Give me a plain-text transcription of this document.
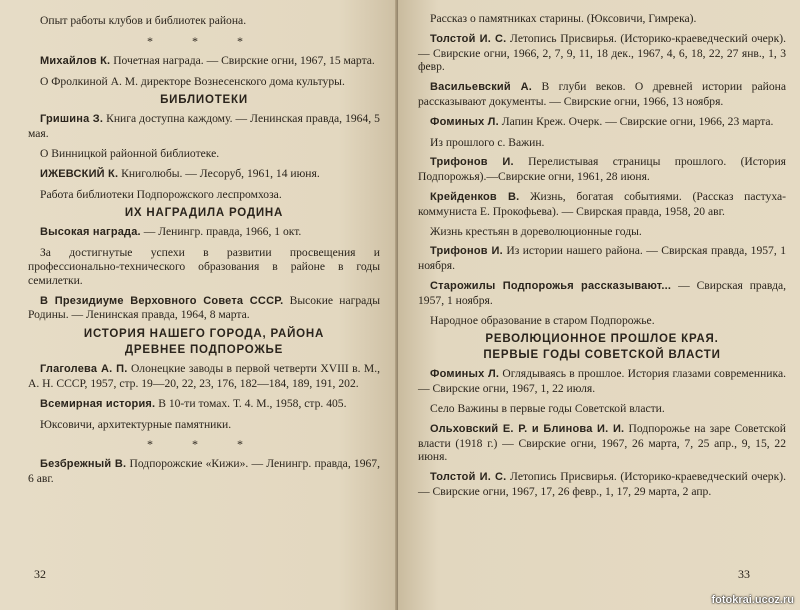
Опыт работы клубов и библиотек района.

* * *

Михайлов К. Почетная награда. — Свирские огни, 1967, 15 марта.

О Фролкиной А. М. директоре Вознесенского дома культуры.

БИБЛИОТЕКИ

Гришина З. Книга доступна каждому. — Ленинская правда, 1964, 5 мая.

О Винницкой районной библиотеке.

ИЖЕВСКИЙ К. Книголюбы. — Лесоруб, 1961, 14 июня.

Работа библиотеки Подпорожского леспромхоза.

ИХ НАГРАДИЛА РОДИНА

Высокая награда. — Ленингр. правда, 1966, 1 окт.

За достигнутые успехи в развитии просвещения и профессионально-технического образования в районе в годы семилетки.

В Президиуме Верховного Совета СССР. Высокие награды Родины. — Ленинская правда, 1964, 8 марта.

ИСТОРИЯ НАШЕГО ГОРОДА, РАЙОНА
ДРЕВНЕЕ ПОДПОРОЖЬЕ

Глаголева А. П. Олонецкие заводы в первой четверти XVIII в. М., А. Н. СССР, 1957, стр. 19—20, 22, 23, 176, 182—184, 189, 191, 202.

Всемирная история. В 10-ти томах. Т. 4. М., 1958, стр. 405.

Юксовичи, архитектурные памятники.

* * *

Безбрежный В. Подпорожские «Кижи». — Ленингр. правда, 1967, 6 авг.

32

Рассказ о памятниках старины. (Юксовичи, Гимрека).

Толстой И. С. Летопись Присвирья. (Историко-краеведческий очерк). — Свирские огни, 1966, 2, 7, 9, 11, 18 дек., 1967, 4, 6, 18, 22, 27 янв., 1, 3 февр.

Васильевский А. В глуби веков. О древней истории района рассказывают документы. — Свирские огни, 1966, 13 ноября.

Фоминых Л. Лапин Креж. Очерк. — Свирские огни, 1966, 23 марта.

Из прошлого с. Важин.

Трифонов И. Перелистывая страницы прошлого. (История Подпорожья).—Свирские огни, 1961, 28 июня.

Крейденков В. Жизнь, богатая событиями. (Рассказ пастуха-коммуниста Е. Прокофьева). — Свирская правда, 1958, 20 авг.

Жизнь крестьян в дореволюционные годы.

Трифонов И. Из истории нашего района. — Свирская правда, 1957, 1 ноября.

Старожилы Подпорожья рассказывают... — Свирская правда, 1957, 1 ноября.

Народное образование в старом Подпорожье.

РЕВОЛЮЦИОННОЕ ПРОШЛОЕ КРАЯ.
ПЕРВЫЕ ГОДЫ СОВЕТСКОЙ ВЛАСТИ

Фоминых Л. Оглядываясь в прошлое. История глазами современника. — Свирские огни, 1967, 1, 22 июля.

Село Важины в первые годы Советской власти.

Ольховский Е. Р. и Блинова И. И. Подпорожье на заре Советской власти (1918 г.) — Свирские огни, 1967, 26 марта, 7, 25 апр., 9, 15, 22 июня.

Толстой И. С. Летопись Присвирья. (Историко-краеведческий очерк). — Свирские огни, 1967, 17, 26 февр., 1, 17, 29 марта, 2 апр.

33
fotokrai.ucoz.ru
